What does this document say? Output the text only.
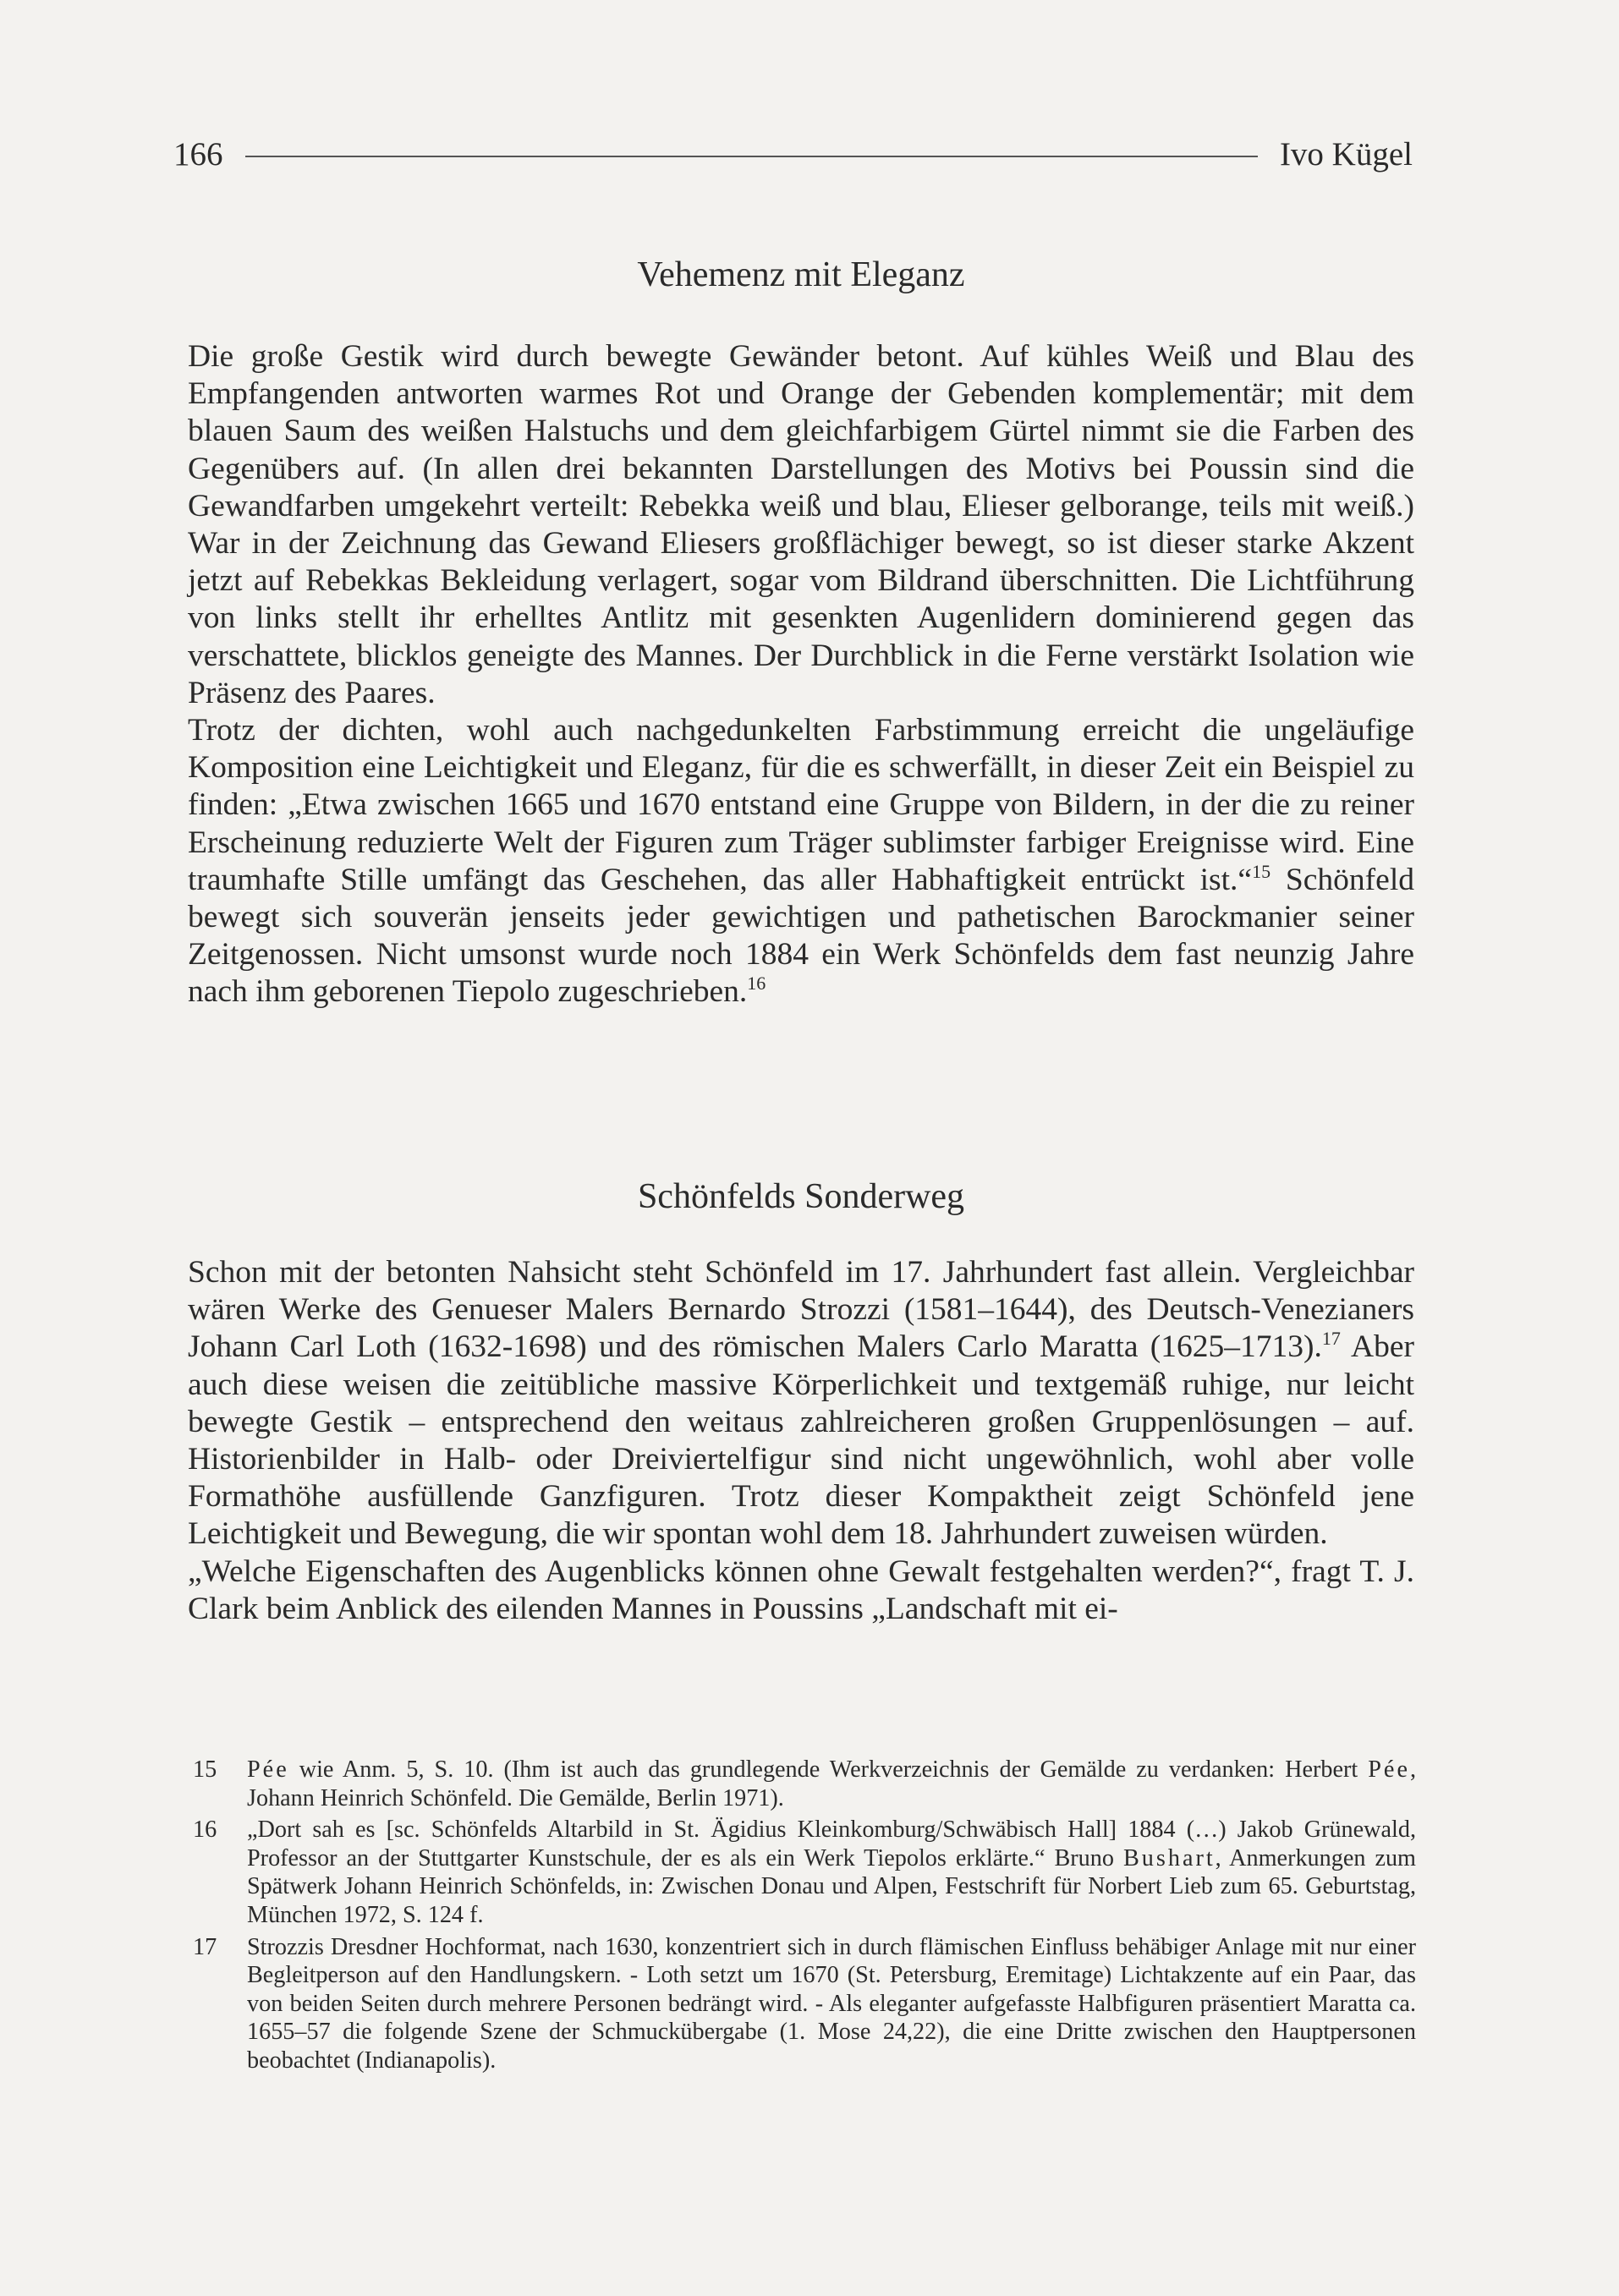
166	Ivo Kügel
Vehemenz mit Eleganz

Die große Gestik wird durch bewegte Gewänder betont. Auf kühles Weiß und Blau des Empfangenden antworten warmes Rot und Orange der Gebenden komplementär; mit dem blauen Saum des weißen Halstuchs und dem gleichfarbigem Gürtel nimmt sie die Farben des Gegenübers auf. (In allen drei bekannten Darstellungen des Motivs bei Poussin sind die Gewandfarben umgekehrt verteilt: Rebekka weiß und blau, Elieser gelborange, teils mit weiß.) War in der Zeichnung das Gewand Eliesers großflächiger bewegt, so ist dieser starke Akzent jetzt auf Rebekkas Bekleidung verlagert, sogar vom Bildrand überschnitten. Die Lichtführung von links stellt ihr erhelltes Antlitz mit gesenkten Augenlidern dominierend gegen das verschattete, blicklos geneigte des Mannes. Der Durchblick in die Ferne verstärkt Isolation wie Präsenz des Paares.

Trotz der dichten, wohl auch nachgedunkelten Farbstimmung erreicht die ungeläufige Komposition eine Leichtigkeit und Eleganz, für die es schwerfällt, in dieser Zeit ein Beispiel zu finden: „Etwa zwischen 1665 und 1670 entstand eine Gruppe von Bildern, in der die zu reiner Erscheinung reduzierte Welt der Figuren zum Träger sublimster farbiger Ereignisse wird. Eine traumhafte Stille umfängt das Geschehen, das aller Habhaftigkeit entrückt ist.“$^{15}$ Schönfeld bewegt sich souverän jenseits jeder gewichtigen und pathetischen Barockmanier seiner Zeitgenossen. Nicht umsonst wurde noch 1884 ein Werk Schönfelds dem fast neunzig Jahre nach ihm geborenen Tiepolo zugeschrieben.$^{16}$

Schönfelds Sonderweg

Schon mit der betonten Nahsicht steht Schönfeld im 17. Jahrhundert fast allein. Vergleichbar wären Werke des Genueser Malers Bernardo Strozzi (1581–1644), des Deutsch-Venezianers Johann Carl Loth (1632-1698) und des römischen Malers Carlo Maratta (1625–1713).$^{17}$ Aber auch diese weisen die zeitübliche massive Körperlichkeit und textgemäß ruhige, nur leicht bewegte Gestik – entsprechend den weitaus zahlreicheren großen Gruppenlösungen – auf. Historienbilder in Halb- oder Dreiviertelfigur sind nicht ungewöhnlich, wohl aber volle Formathöhe ausfüllende Ganzfiguren. Trotz dieser Kompaktheit zeigt Schönfeld jene Leichtigkeit und Bewegung, die wir spontan wohl dem 18. Jahrhundert zuweisen würden.

„Welche Eigenschaften des Augenblicks können ohne Gewalt festgehalten werden?“, fragt T. J. Clark beim Anblick des eilenden Mannes in Poussins „Landschaft mit ei-

15	Pée wie Anm. 5, S. 10. (Ihm ist auch das grundlegende Werkverzeichnis der Gemälde zu verdanken: Herbert Pée, Johann Heinrich Schönfeld. Die Gemälde, Berlin 1971).
16	„Dort sah es [sc. Schönfelds Altarbild in St. Ägidius Kleinkomburg/Schwäbisch Hall] 1884 (…) Jakob Grünewald, Professor an der Stuttgarter Kunstschule, der es als ein Werk Tiepolos erklärte.“ Bruno Bushart, Anmerkungen zum Spätwerk Johann Heinrich Schönfelds, in: Zwischen Donau und Alpen, Festschrift für Norbert Lieb zum 65. Geburtstag, München 1972, S. 124 f.
17	Strozzis Dresdner Hochformat, nach 1630, konzentriert sich in durch flämischen Einfluss behäbiger Anlage mit nur einer Begleitperson auf den Handlungskern. - Loth setzt um 1670 (St. Petersburg, Eremitage) Lichtakzente auf ein Paar, das von beiden Seiten durch mehrere Personen bedrängt wird. - Als eleganter aufgefasste Halbfiguren präsentiert Maratta ca. 1655–57 die folgende Szene der Schmuckübergabe (1. Mose 24,22), die eine Dritte zwischen den Hauptpersonen beobachtet (Indianapolis).
